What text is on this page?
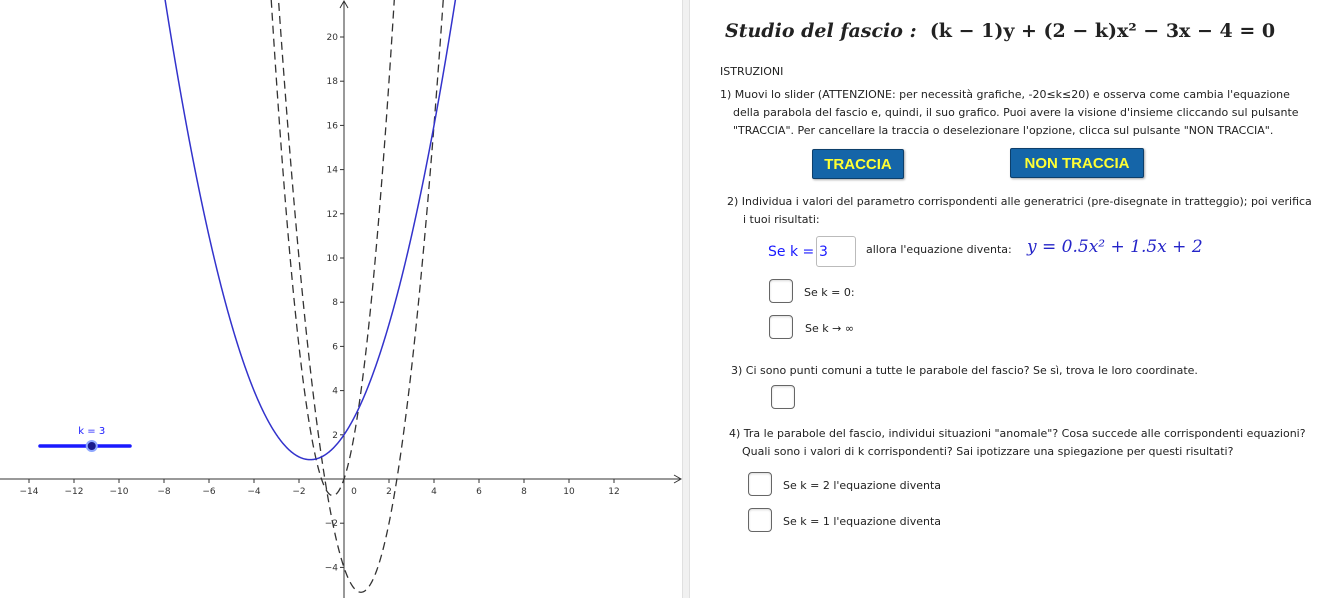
−14	−12	−10	−8	−6	−4	−2	0	2	4	6	8	10	12
−4
−2
2
4
6
8
10
12
14
16
18
20
k = 3
Studio del fascio : (k − 1)y + (2 − k)x² − 3x − 4 = 0
ISTRUZIONI
1) Muovi lo slider (ATTENZIONE: per necessità grafiche, -20≤k≤20) e osserva come cambia l'equazione
della parabola del fascio e, quindi, il suo grafico. Puoi avere la visione d'insieme cliccando sul pulsante
"TRACCIA". Per cancellare la traccia o deselezionare l'opzione, clicca sul pulsante "NON TRACCIA".
TRACCIA	NON TRACCIA
2) Individua i valori del parametro corrispondenti alle generatrici (pre-disegnate in tratteggio); poi verifica
i tuoi risultati:
Se k = 3	allora l'equazione diventa: y = 0.5x² + 1.5x + 2
Se k = 0:
Se k → ∞
3) Ci sono punti comuni a tutte le parabole del fascio? Se sì, trova le loro coordinate.
4) Tra le parabole del fascio, individui situazioni "anomale"? Cosa succede alle corrispondenti equazioni?
Quali sono i valori di k corrispondenti? Sai ipotizzare una spiegazione per questi risultati?
Se k = 2 l'equazione diventa
Se k = 1 l'equazione diventa
